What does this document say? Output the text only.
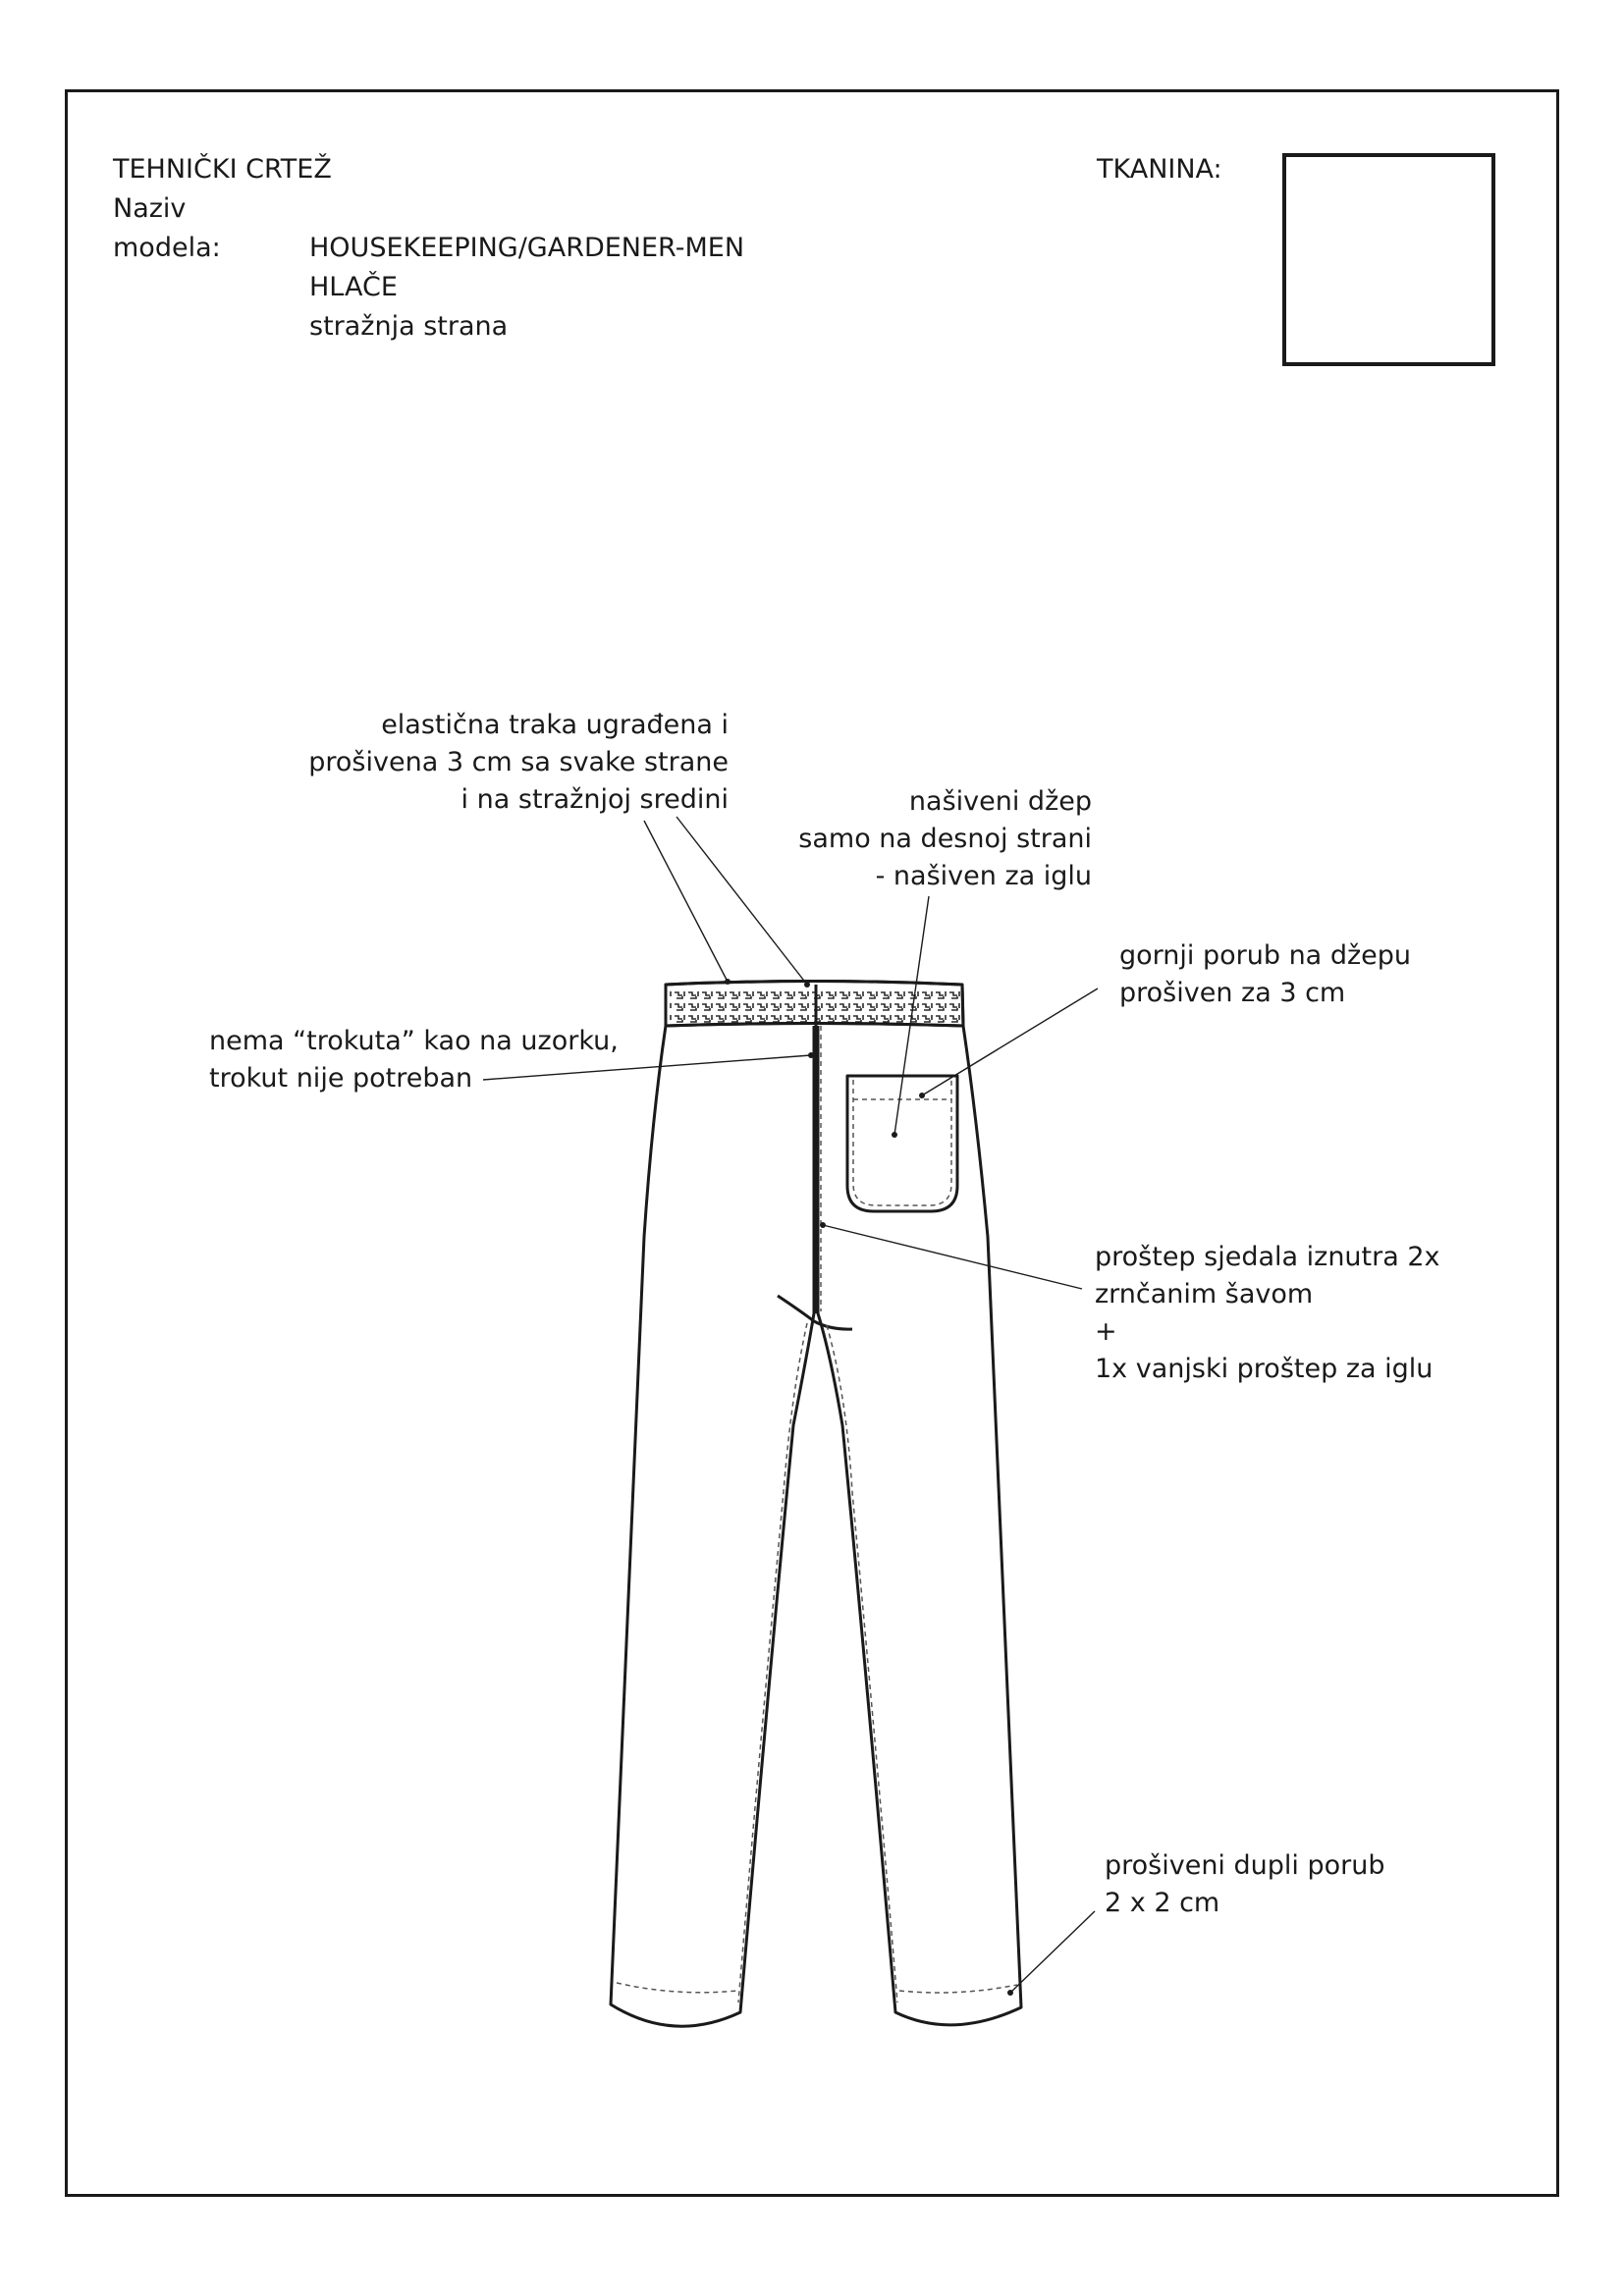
TEHNIČKI CRTEŽ
Naziv
modela:	HOUSEKEEPING/GARDENER-MEN
HLAČE
stražnja strana
TKANINA:
elastična traka ugrađena i
prošivena 3 cm sa svake strane
i na stražnjoj sredini	našiveni džep
samo na desnoj strani
- našiven za iglu
gornji porub na džepu
prošiven za 3 cm
nema “trokuta” kao na uzorku,
trokut nije potreban
proštep sjedala iznutra 2x
zrnčanim šavom
+
1x vanjski proštep za iglu
prošiveni dupli porub
2 x 2 cm
